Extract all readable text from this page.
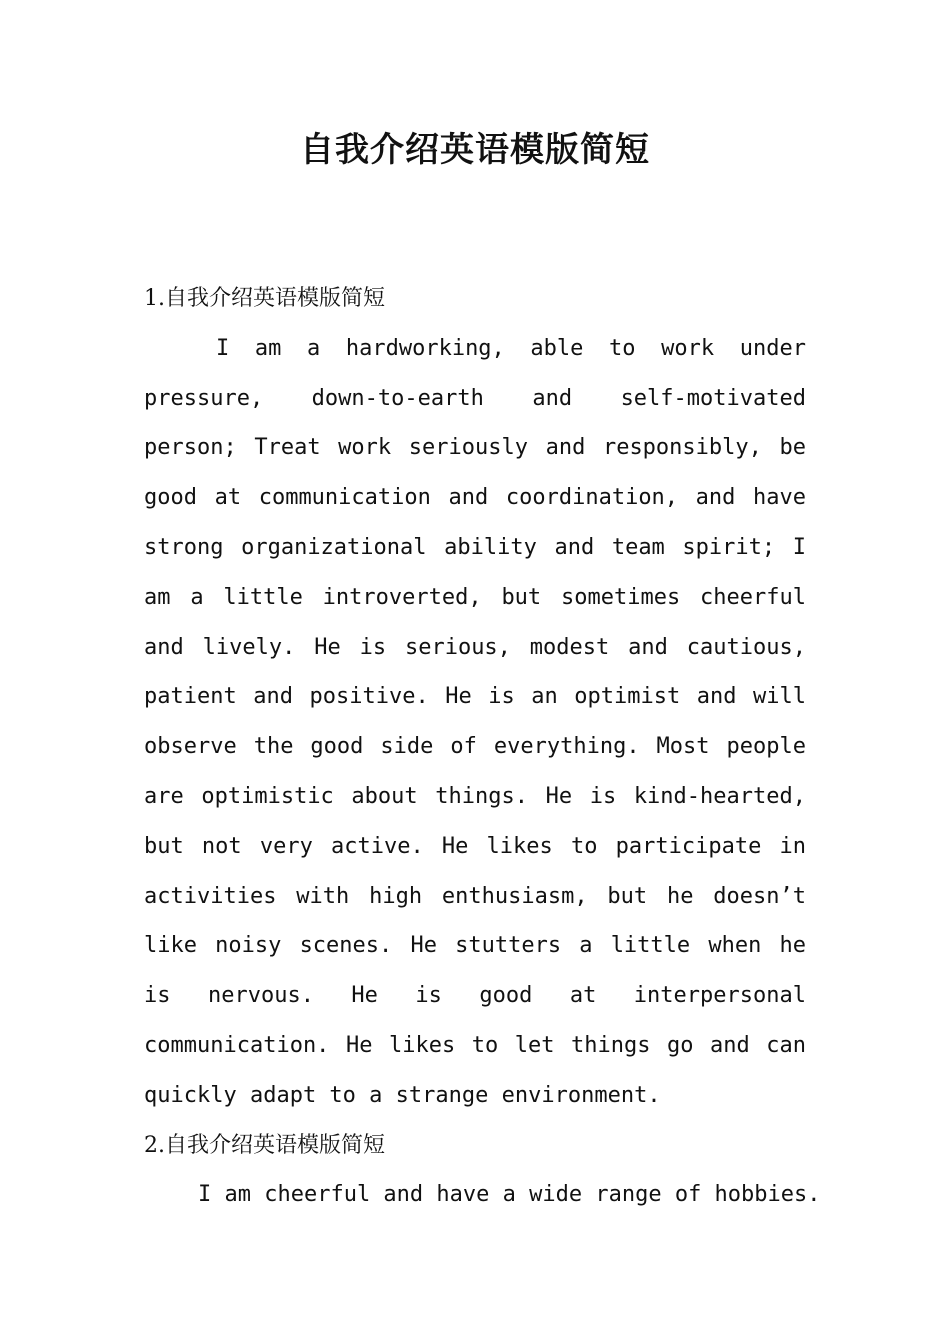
自我介绍英语模版简短

1.自我介绍英语模版简短

I am a hardworking, able to work under pressure, down-to-earth and self-motivated person; Treat work seriously and responsibly, be good at communication and coordination, and have strong organizational ability and team spirit; I am a little introverted, but sometimes cheerful and lively. He is serious, modest and cautious, patient and positive. He is an optimist and will observe the good side of everything. Most people are optimistic about things. He is kind-hearted, but not very active. He likes to participate in activities with high enthusiasm, but he doesn’t like noisy scenes. He stutters a little when he is nervous. He is good at interpersonal communication. He likes to let things go and can quickly adapt to a strange environment.

2.自我介绍英语模版简短

I am cheerful and have a wide range of hobbies.
